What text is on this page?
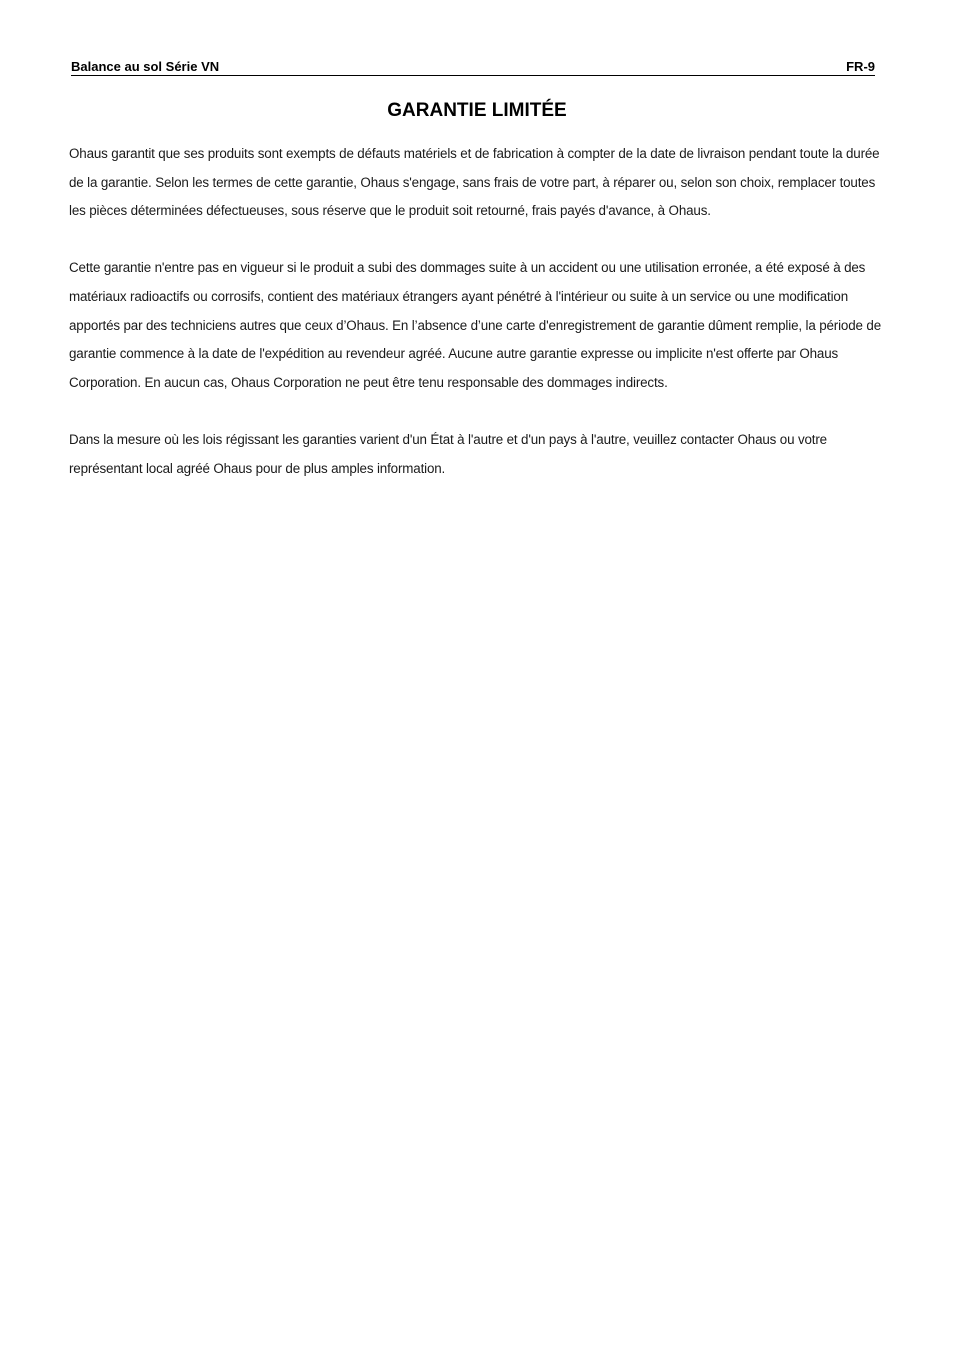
Balance au sol Série VN	FR-9
GARANTIE LIMITÉE

Ohaus garantit que ses produits sont exempts de défauts matériels et de fabrication à compter de la date de livraison pendant toute la durée de la garantie. Selon les termes de cette garantie, Ohaus s'engage, sans frais de votre part, à réparer ou, selon son choix, remplacer toutes les pièces déterminées défectueuses, sous réserve que le produit soit retourné, frais payés d'avance, à Ohaus.

Cette garantie n'entre pas en vigueur si le produit a subi des dommages suite à un accident ou une utilisation erronée, a été exposé à des matériaux radioactifs ou corrosifs, contient des matériaux étrangers ayant pénétré à l'intérieur ou suite à un service ou une modification apportés par des techniciens autres que ceux d’Ohaus. En l’absence d’une carte d'enregistrement de garantie dûment remplie, la période de garantie commence à la date de l'expédition au revendeur agréé. Aucune autre garantie expresse ou implicite n'est offerte par Ohaus Corporation. En aucun cas, Ohaus Corporation ne peut être tenu responsable des dommages indirects.

Dans la mesure où les lois régissant les garanties varient d'un État à l'autre et d'un pays à l'autre, veuillez contacter Ohaus ou votre représentant local agréé Ohaus pour de plus amples information.
